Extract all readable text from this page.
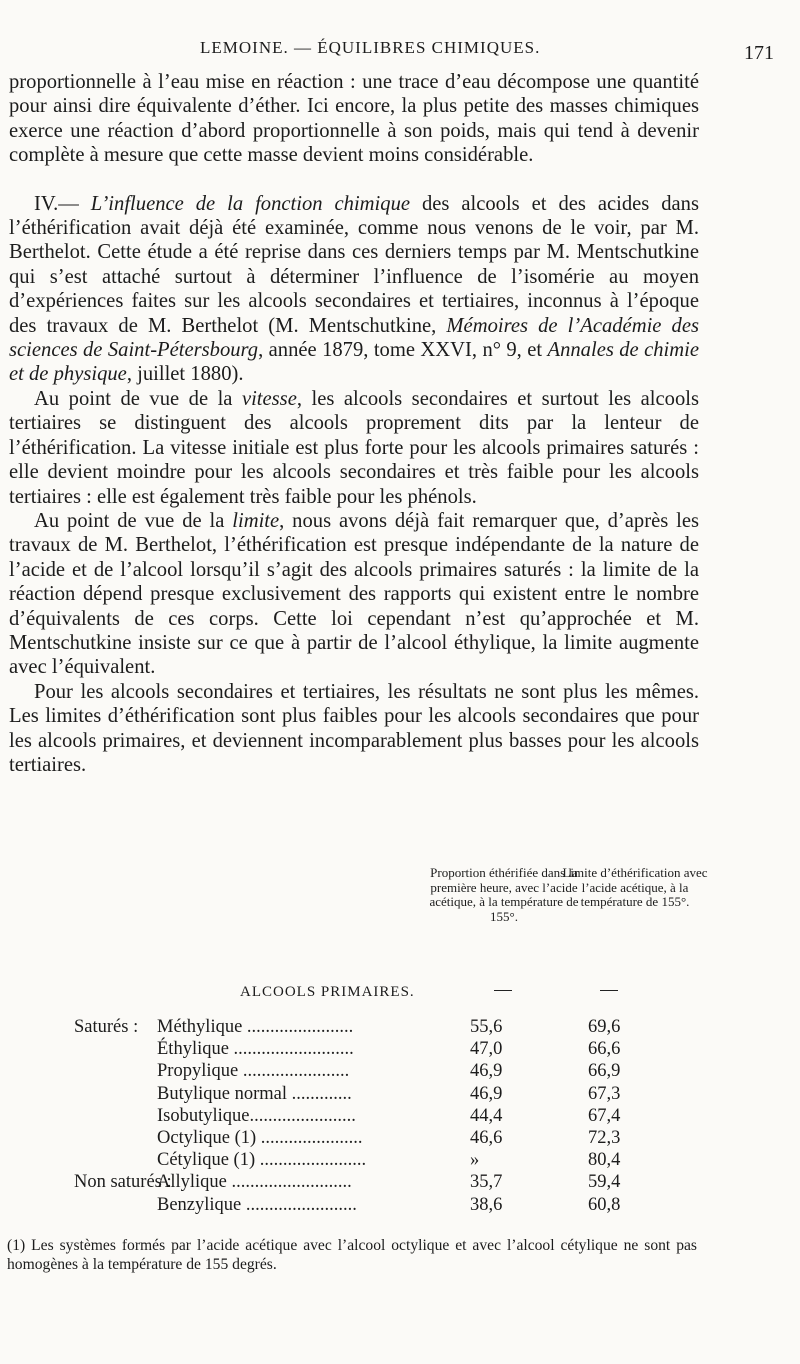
LEMOINE. — ÉQUILIBRES CHIMIQUES.	171

proportionnelle à l’eau mise en réaction : une trace d’eau décompose une quantité pour ainsi dire équivalente d’éther. Ici encore, la plus petite des masses chimiques exerce une réaction d’abord proportionnelle à son poids, mais qui tend à devenir complète à mesure que cette masse devient moins considérable.

IV.— L’influence de la fonction chimique des alcools et des acides dans l’éthérification avait déjà été examinée, comme nous venons de le voir, par M. Berthelot. Cette étude a été reprise dans ces derniers temps par M. Mentschutkine qui s’est attaché surtout à déterminer l’influence de l’isomérie au moyen d’expériences faites sur les alcools secondaires et tertiaires, inconnus à l’époque des travaux de M. Berthelot (M. Mentschutkine, Mémoires de l’Académie des sciences de Saint-Pétersbourg, année 1879, tome XXVI, n° 9, et Annales de chimie et de physique, juillet 1880).

Au point de vue de la vitesse, les alcools secondaires et surtout les alcools tertiaires se distinguent des alcools proprement dits par la lenteur de l’éthérification. La vitesse initiale est plus forte pour les alcools primaires saturés : elle devient moindre pour les alcools secondaires et très faible pour les alcools tertiaires : elle est également très faible pour les phénols.

Au point de vue de la limite, nous avons déjà fait remarquer que, d’après les travaux de M. Berthelot, l’éthérification est presque indépendante de la nature de l’acide et de l’alcool lorsqu’il s’agit des alcools primaires saturés : la limite de la réaction dépend presque exclusivement des rapports qui existent entre le nombre d’équivalents de ces corps. Cette loi cependant n’est qu’approchée et M. Mentschutkine insiste sur ce que à partir de l’alcool éthylique, la limite augmente avec l’équivalent.

Pour les alcools secondaires et tertiaires, les résultats ne sont plus les mêmes. Les limites d’éthérification sont plus faibles pour les alcools secondaires que pour les alcools primaires, et deviennent incomparablement plus basses pour les alcools tertiaires.

Proportion éthérifiée dans la première heure, avec l’acide acétique, à la température de 155°.
Limite d’éthérification avec l’acide acétique, à la température de 155°.
ALCOOLS PRIMAIRES.
Saturés : Méthylique .......................	55,6	69,6
Éthylique ..........................	47,0	66,6
Propylique .......................	46,9	66,9
Butylique normal .............	46,9	67,3
Isobutylique.......................	44,4	67,4
Octylique (1) ......................	46,6	72,3
Cétylique (1) .......................	»	80,4
Non saturés :
Allylique ..........................	35,7	59,4
Benzylique ........................	38,6	60,8
(1) Les systèmes formés par l’acide acétique avec l’alcool octylique et avec l’alcool cétylique ne sont pas homogènes à la température de 155 degrés.
